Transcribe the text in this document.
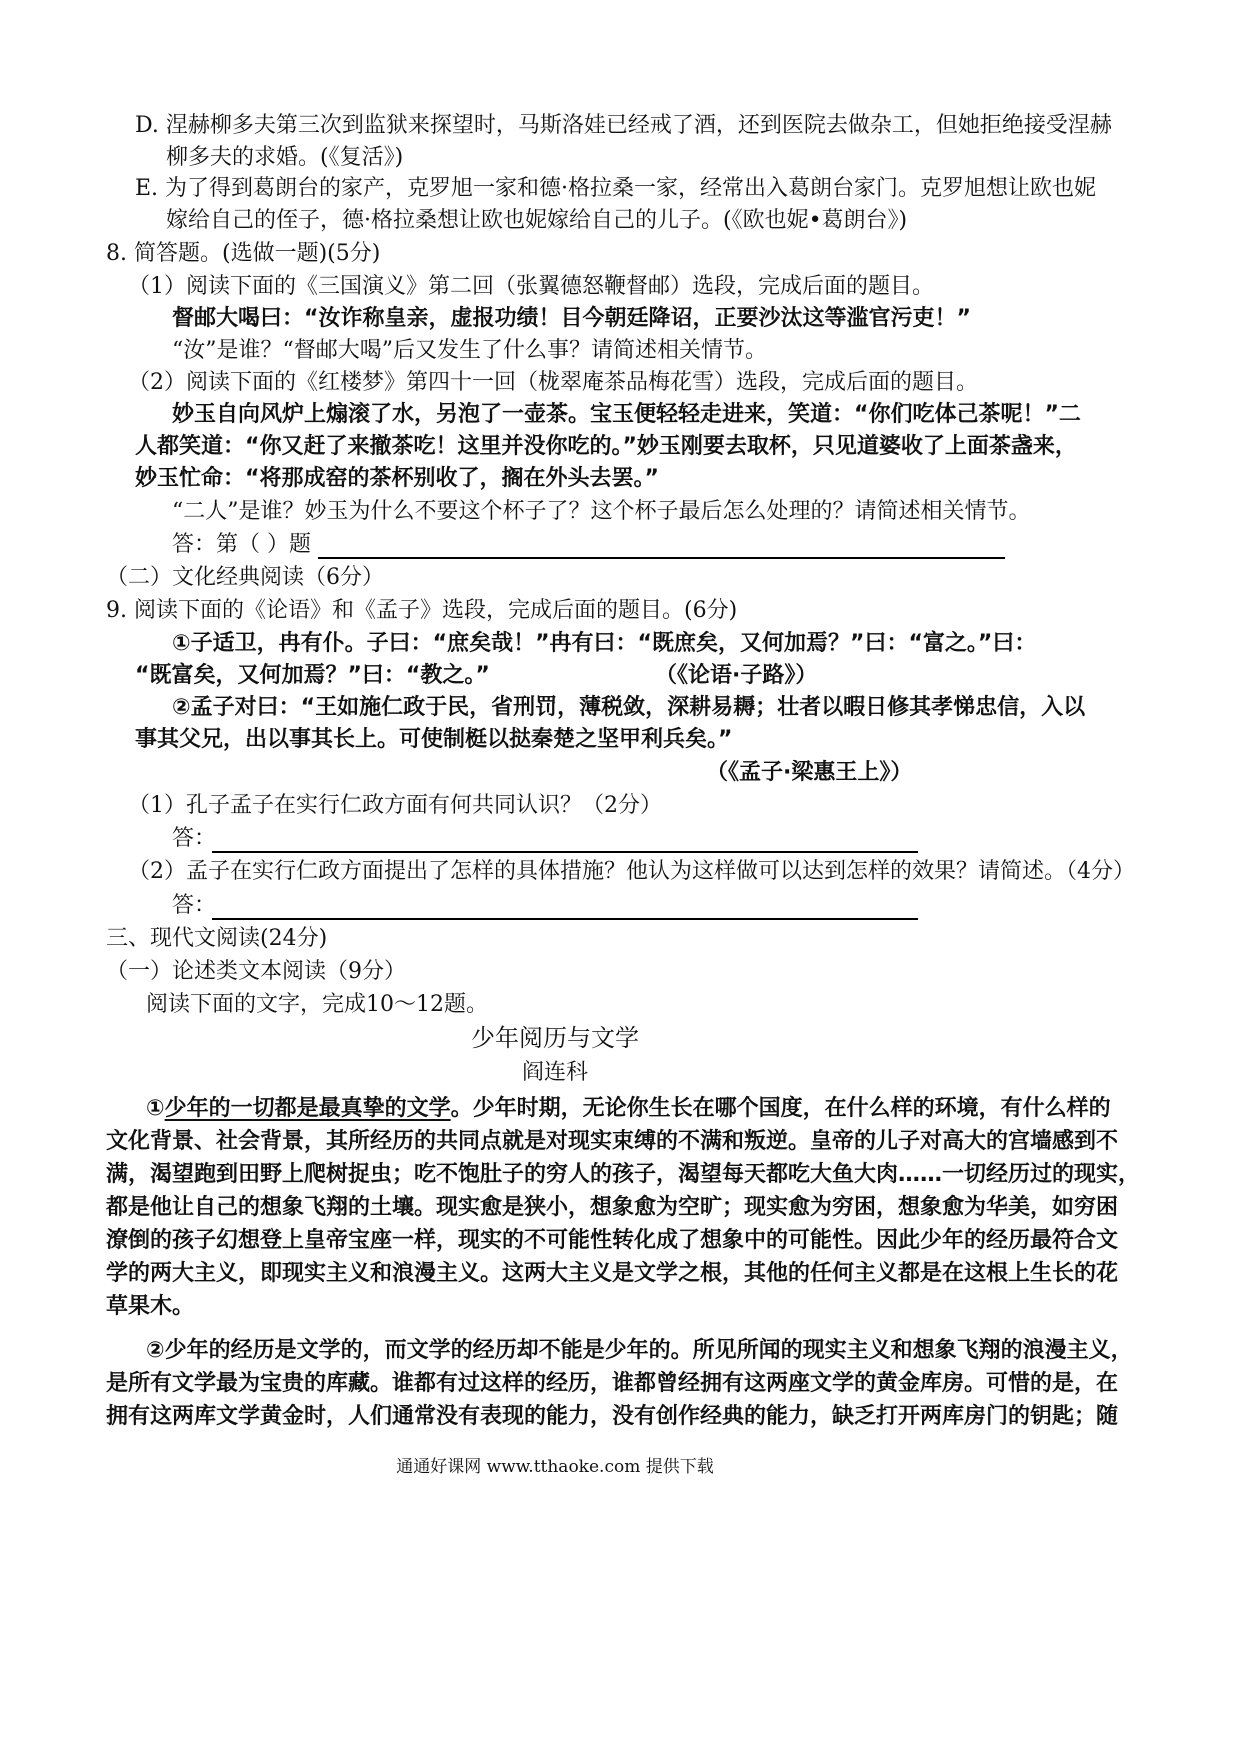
D. 涅赫柳多夫第三次到监狱来探望时，马斯洛娃已经戒了酒，还到医院去做杂工，但她拒绝接受涅赫
柳多夫的求婚。(《复活》)
E. 为了得到葛朗台的家产，克罗旭一家和德·格拉桑一家，经常出入葛朗台家门。克罗旭想让欧也妮
嫁给自己的侄子，德·格拉桑想让欧也妮嫁给自己的儿子。(《欧也妮•葛朗台》)
8. 简答题。(选做一题)(5分)
（1）阅读下面的《三国演义》第二回（张翼德怒鞭督邮）选段，完成后面的题目。
督邮大喝曰：“汝诈称皇亲，虚报功绩！目今朝廷降诏，正要沙汰这等滥官污吏！”
“汝”是谁？“督邮大喝”后又发生了什么事？请简述相关情节。
（2）阅读下面的《红楼梦》第四十一回（栊翠庵茶品梅花雪）选段，完成后面的题目。
妙玉自向风炉上煽滚了水，另泡了一壶茶。宝玉便轻轻走进来，笑道：“你们吃体己茶呢！”二
人都笑道：“你又赶了来撤茶吃！这里并没你吃的。”妙玉刚要去取杯，只见道婆收了上面茶盏来，
妙玉忙命：“将那成窑的茶杯别收了，搁在外头去罢。”
“二人”是谁？妙玉为什么不要这个杯子了？这个杯子最后怎么处理的？请简述相关情节。
答：第（ ）题
（二）文化经典阅读（6分）
9. 阅读下面的《论语》和《孟子》选段，完成后面的题目。(6分)
①子适卫，冉有仆。子曰：“庶矣哉！”冉有曰：“既庶矣，又何加焉？”曰：“富之。”曰：
“既富矣，又何加焉？”曰：“教之。”	（《论语·子路》）
②孟子对曰：“王如施仁政于民，省刑罚，薄税敛，深耕易耨；壮者以暇日修其孝悌忠信，入以
事其父兄，出以事其长上。可使制梃以挞秦楚之坚甲利兵矣。”
（《孟子·梁惠王上》）
（1）孔子孟子在实行仁政方面有何共同认识？（2分）
答：
（2）孟子在实行仁政方面提出了怎样的具体措施？他认为这样做可以达到怎样的效果？请简述。（4分）
答：
三、现代文阅读(24分)
（一）论述类文本阅读（9分）
阅读下面的文字，完成10～12题。
少年阅历与文学
阎连科
①少年的一切都是最真挚的文学。少年时期，无论你生长在哪个国度，在什么样的环境，有什么样的
文化背景、社会背景，其所经历的共同点就是对现实束缚的不满和叛逆。皇帝的儿子对高大的宫墙感到不
满，渴望跑到田野上爬树捉虫；吃不饱肚子的穷人的孩子，渴望每天都吃大鱼大肉……一切经历过的现实，
都是他让自己的想象飞翔的土壤。现实愈是狭小，想象愈为空旷；现实愈为穷困，想象愈为华美，如穷困
潦倒的孩子幻想登上皇帝宝座一样，现实的不可能性转化成了想象中的可能性。因此少年的经历最符合文
学的两大主义，即现实主义和浪漫主义。这两大主义是文学之根，其他的任何主义都是在这根上生长的花
草果木。
②少年的经历是文学的，而文学的经历却不能是少年的。所见所闻的现实主义和想象飞翔的浪漫主义，
是所有文学最为宝贵的库藏。谁都有过这样的经历，谁都曾经拥有这两座文学的黄金库房。可惜的是，在
拥有这两库文学黄金时，人们通常没有表现的能力，没有创作经典的能力，缺乏打开两库房门的钥匙；随
通通好课网 www.tthaoke.com 提供下载
